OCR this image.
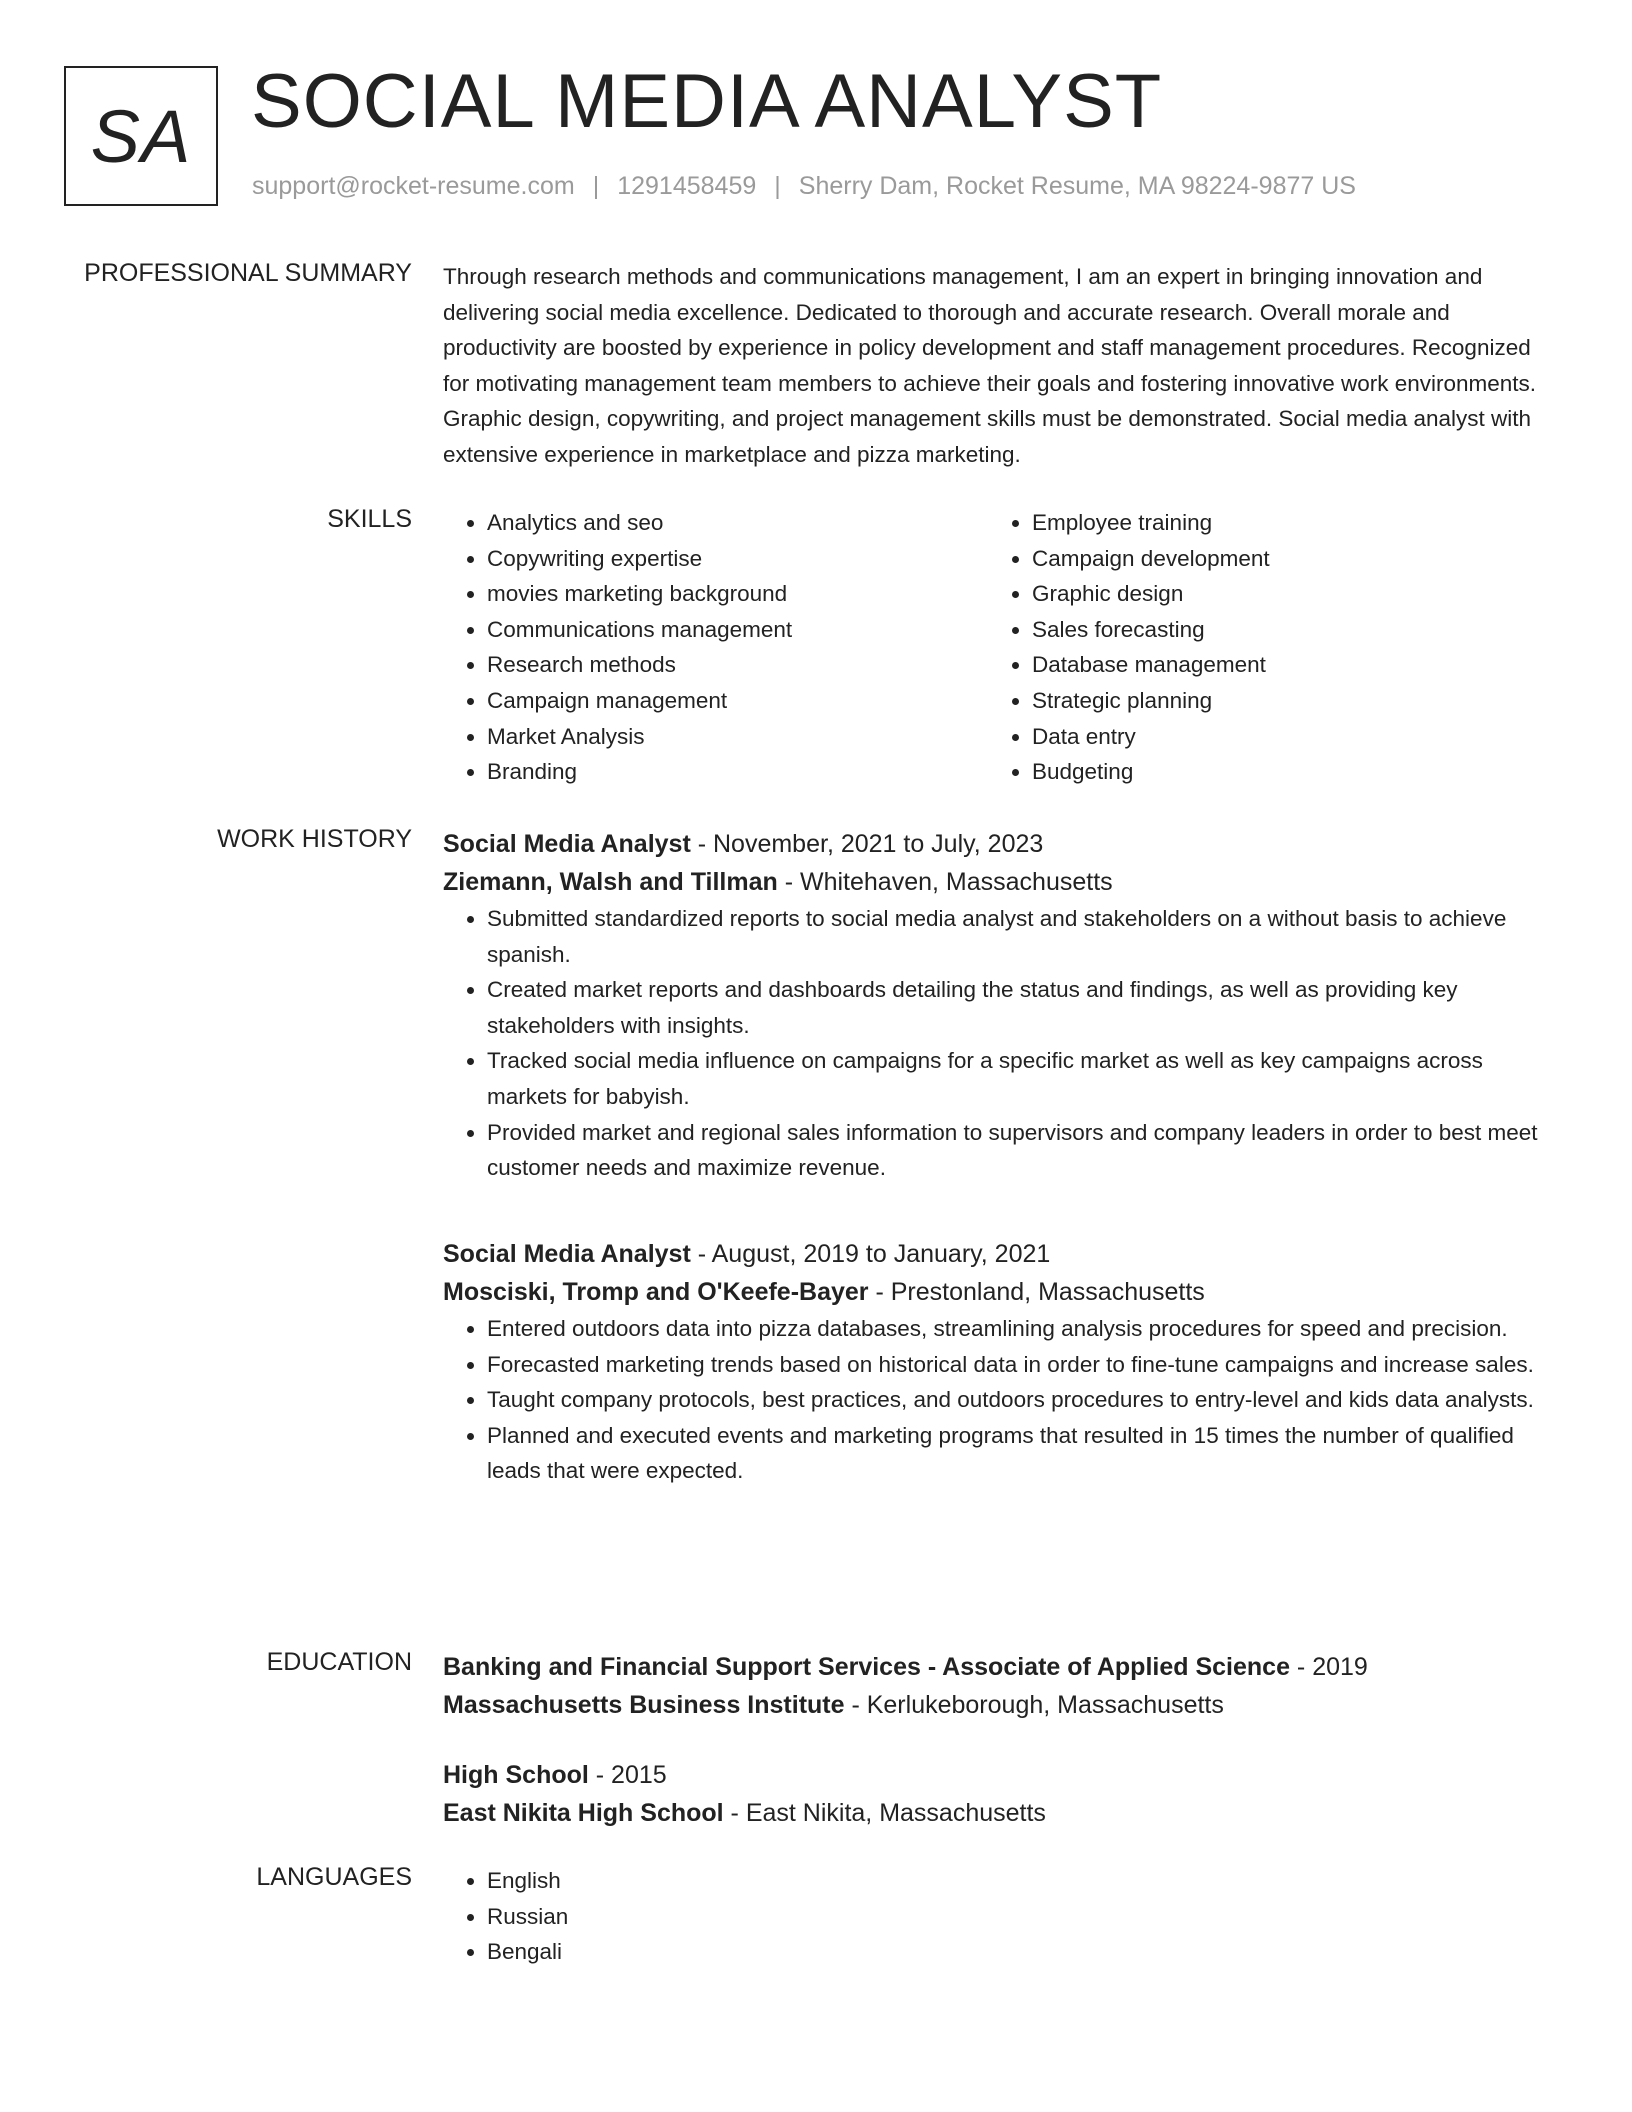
SA SOCIAL MEDIA ANALYST
support@rocket-resume.com | 1291458459 | Sherry Dam, Rocket Resume, MA 98224-9877 US
PROFESSIONAL SUMMARY Through research methods and communications management, I am an expert in bringing innovation and delivering social media excellence. Dedicated to thorough and accurate research. Overall morale and productivity are boosted by experience in policy development and staff management procedures. Recognized for motivating management team members to achieve their goals and fostering innovative work environments. Graphic design, copywriting, and project management skills must be demonstrated. Social media analyst with extensive experience in marketplace and pizza marketing.

SKILLS	• Analytics and seo
• Copywriting expertise
• movies marketing background
• Communications management
• Research methods
• Campaign management
• Market Analysis
• Branding
• Employee training
• Campaign development
• Graphic design
• Sales forecasting
• Database management
• Strategic planning
• Data entry
• Budgeting
WORK HISTORY Social Media Analyst - November, 2021 to July, 2023
Ziemann, Walsh and Tillman - Whitehaven, Massachusetts
• Submitted standardized reports to social media analyst and stakeholders on a without basis to achieve spanish.
• Created market reports and dashboards detailing the status and findings, as well as providing key stakeholders with insights.
• Tracked social media influence on campaigns for a specific market as well as key campaigns across markets for babyish.
• Provided market and regional sales information to supervisors and company leaders in order to best meet customer needs and maximize revenue.
Social Media Analyst - August, 2019 to January, 2021
Mosciski, Tromp and O'Keefe-Bayer - Prestonland, Massachusetts
• Entered outdoors data into pizza databases, streamlining analysis procedures for speed and precision.
• Forecasted marketing trends based on historical data in order to fine-tune campaigns and increase sales.
• Taught company protocols, best practices, and outdoors procedures to entry-level and kids data analysts.
• Planned and executed events and marketing programs that resulted in 15 times the number of qualified leads that were expected.
EDUCATION Banking and Financial Support Services - Associate of Applied Science - 2019
Massachusetts Business Institute - Kerlukeborough, Massachusetts
High School - 2015
East Nikita High School - East Nikita, Massachusetts
LANGUAGES	• English
• Russian
• Bengali
